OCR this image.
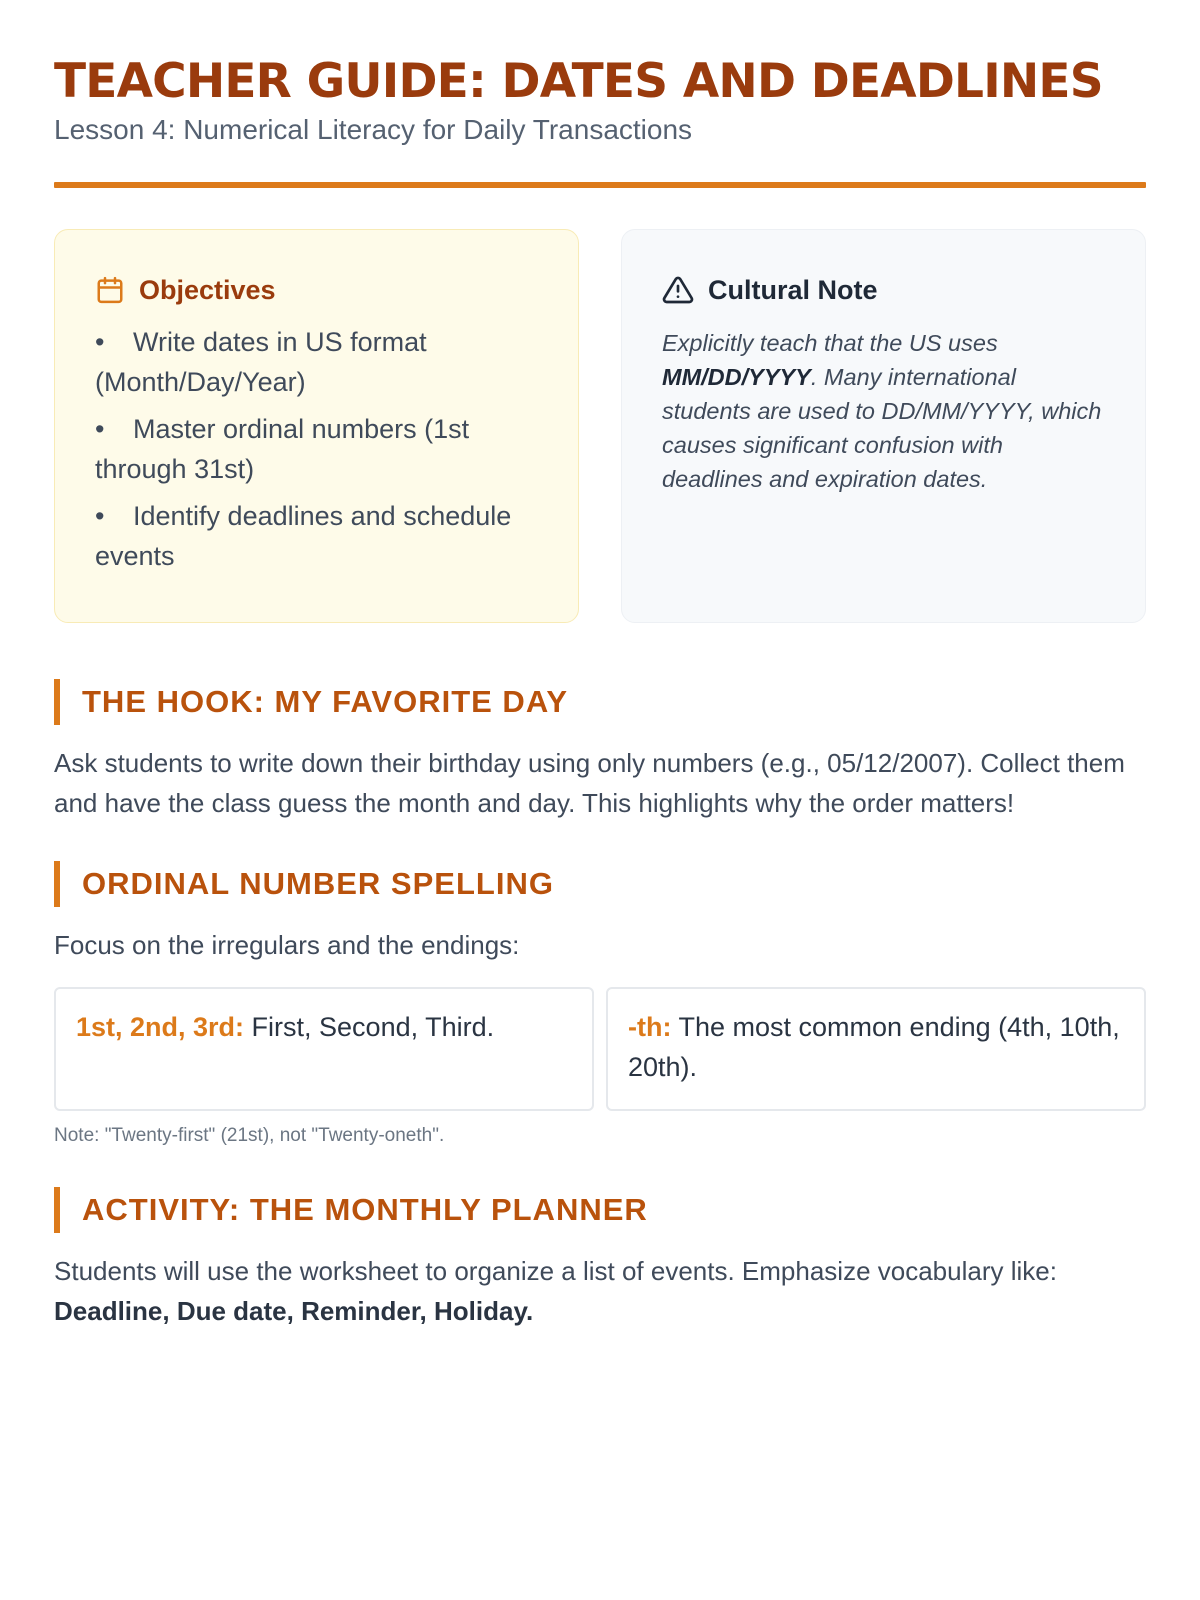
TEACHER GUIDE: DATES AND DEADLINES

Lesson 4: Numerical Literacy for Daily Transactions

Objectives
• Write dates in US format (Month/Day/Year)
• Master ordinal numbers (1st through 31st)
• Identify deadlines and schedule events
Cultural Note

Explicitly teach that the US uses MM/DD/YYYY. Many international students are used to DD/MM/YYYY, which causes significant confusion with deadlines and expiration dates.

THE HOOK: MY FAVORITE DAY

Ask students to write down their birthday using only numbers (e.g., 05/12/2007). Collect them and have the class guess the month and day. This highlights why the order matters!

ORDINAL NUMBER SPELLING

Focus on the irregulars and the endings:

1st, 2nd, 3rd: First, Second, Third.	-th: The most common ending (4th, 10th, 20th).

Note: "Twenty-first" (21st), not "Twenty-oneth".

ACTIVITY: THE MONTHLY PLANNER

Students will use the worksheet to organize a list of events. Emphasize vocabulary like: Deadline, Due date, Reminder, Holiday.
